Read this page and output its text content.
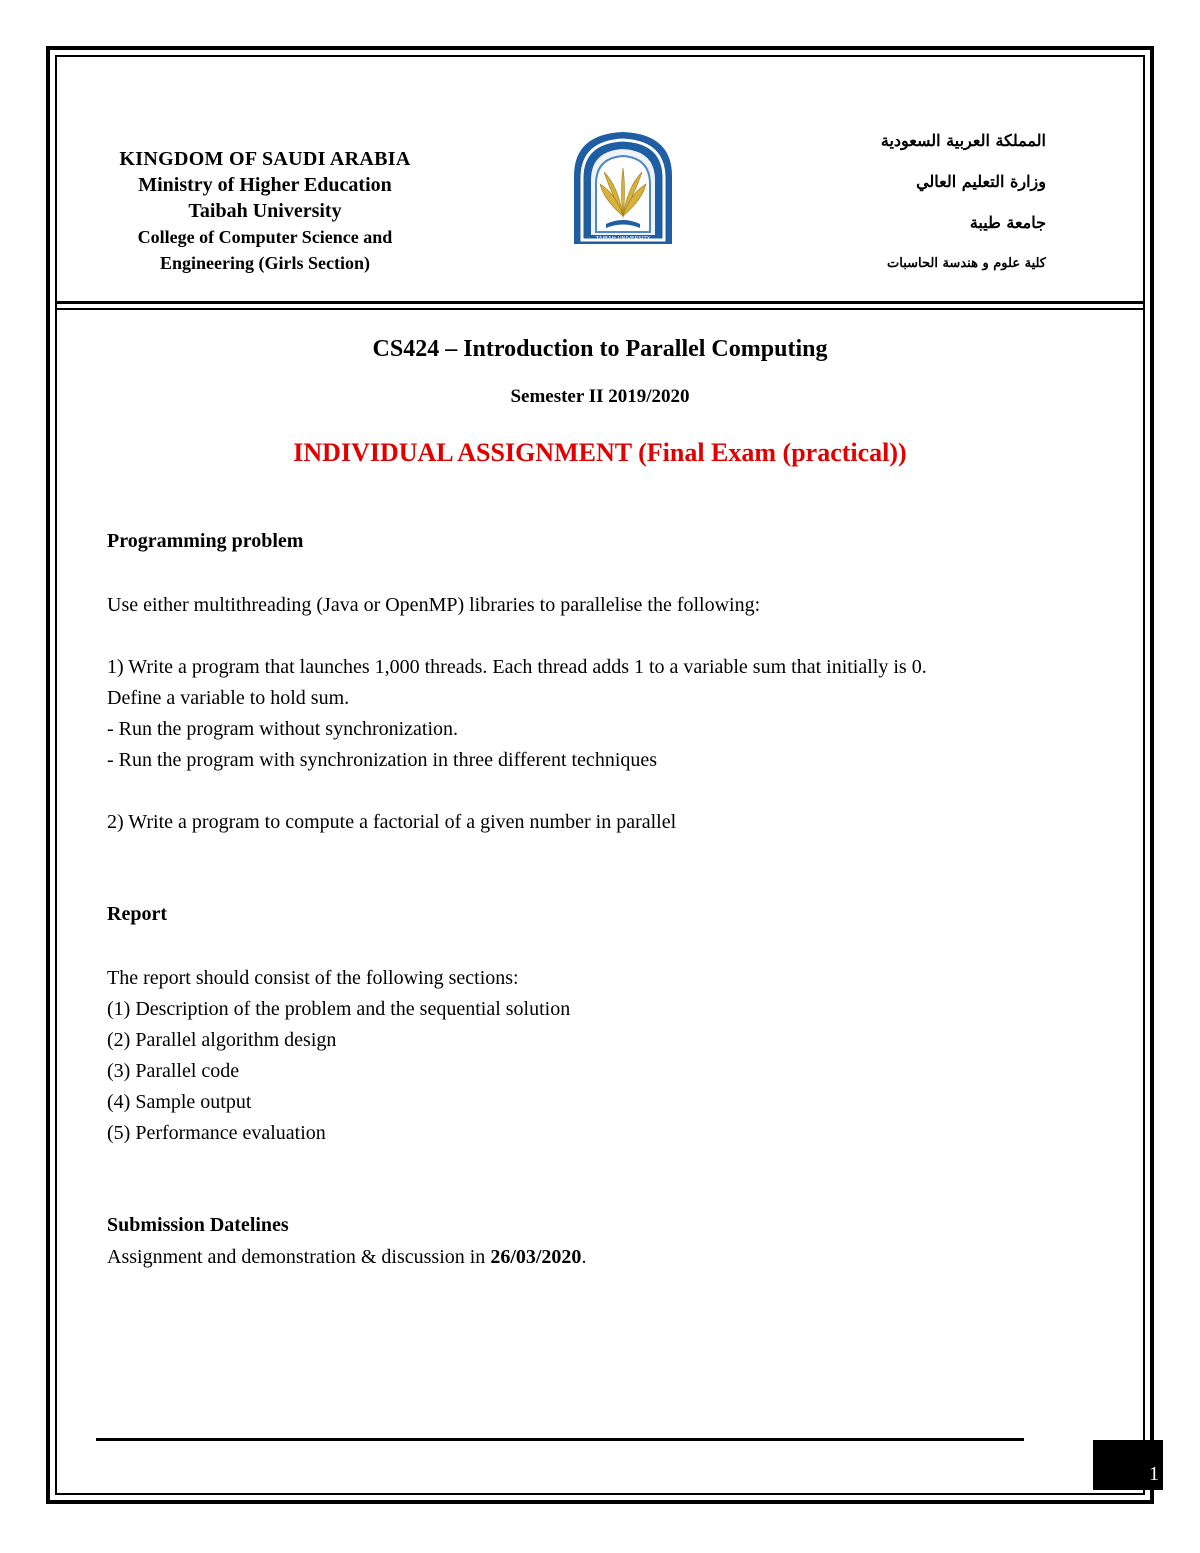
KINGDOM OF SAUDI ARABIA
Ministry of Higher Education
Taibah University
College of Computer Science and
Engineering (Girls Section)
TAIBAH UNIVERSITY
المملكة العربية السعودية
وزارة التعليم العالي
جامعة طيبة
كلية علوم و هندسة الحاسبات
CS424 – Introduction to Parallel Computing
Semester II 2019/2020
INDIVIDUAL ASSIGNMENT (Final Exam (practical))
Programming problem
Use either multithreading (Java or OpenMP) libraries to parallelise the following:
1) Write a program that launches 1,000 threads. Each thread adds 1 to a variable sum that initially is 0.
Define a variable to hold sum.
- Run the program without synchronization.
- Run the program with synchronization in three different techniques
2) Write a program to compute a factorial of a given number in parallel
Report
The report should consist of the following sections:
(1) Description of the problem and the sequential solution
(2) Parallel algorithm design
(3) Parallel code
(4) Sample output
(5) Performance evaluation
Submission Datelines
Assignment and demonstration & discussion in 26/03/2020.
1
